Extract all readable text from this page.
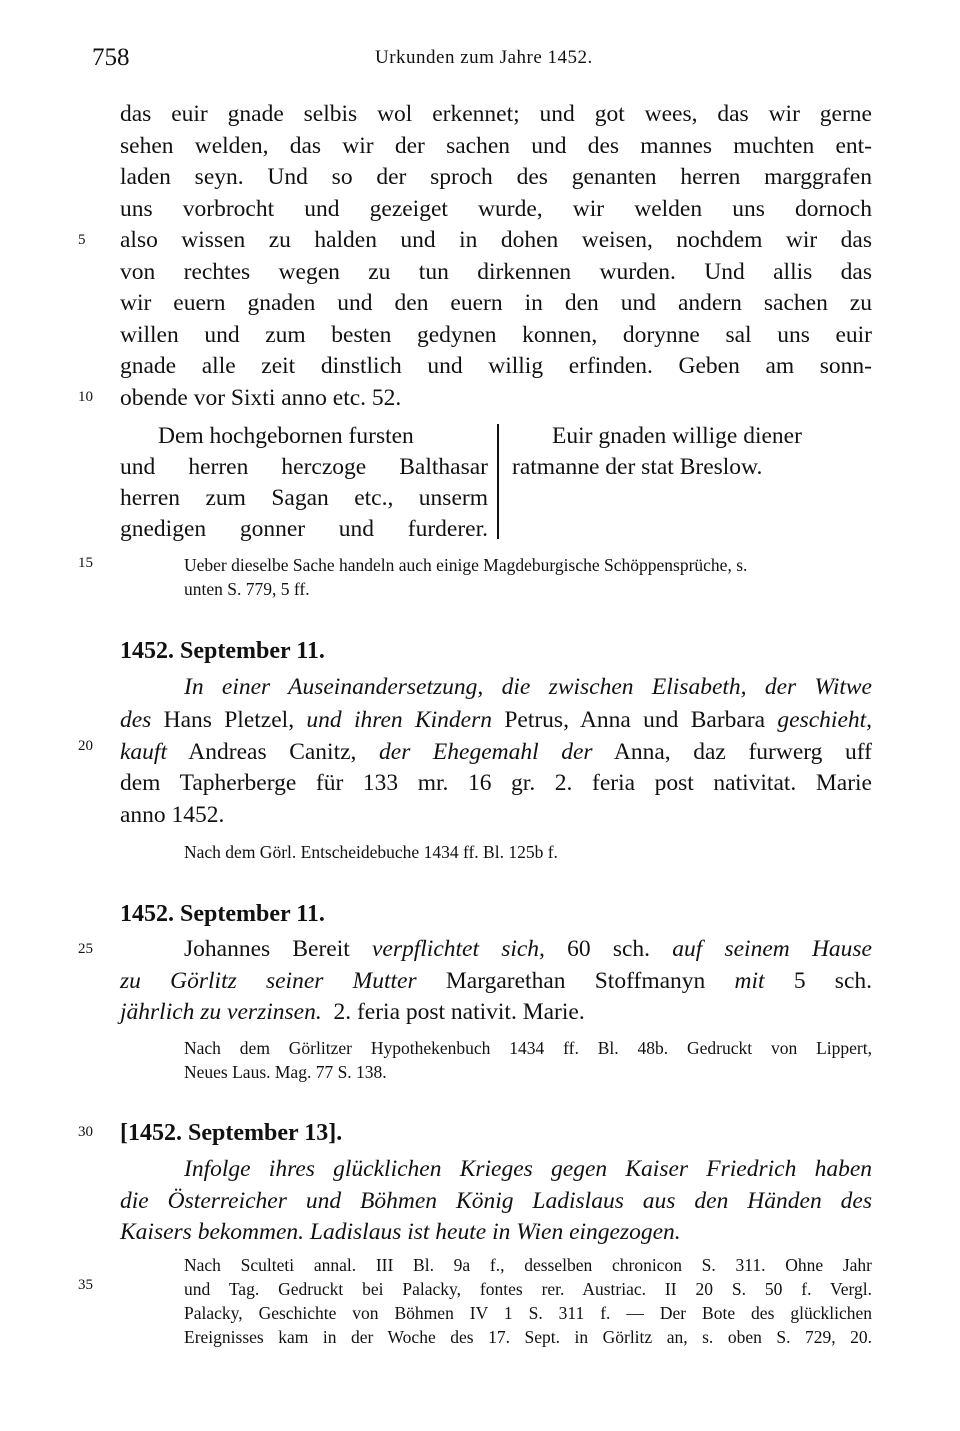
758	Urkunden zum Jahre 1452.
5
10
15
20
25
30
35
das euir gnade selbis wol erkennet; und got wees, das wir gerne
sehen welden, das wir der sachen und des mannes muchten ent-
laden seyn. Und so der sproch des genanten herren marggrafen
uns vorbrocht und gezeiget wurde, wir welden uns dornoch
also wissen zu halden und in dohen weisen, nochdem wir das
von rechtes wegen zu tun dirkennen wurden. Und allis das
wir euern gnaden und den euern in den und andern sachen zu
willen und zum besten gedynen konnen, dorynne sal uns euir
gnade alle zeit dinstlich und willig erfinden. Geben am sonn-
obende vor Sixti anno etc. 52.
Dem hochgebornen fursten
und herren herczoge Balthasar
herren zum Sagan etc., unserm
gnedigen gonner und furderer.
Euir gnaden willige diener
ratmanne der stat Breslow.
Ueber dieselbe Sache handeln auch einige Magdeburgische Schöppensprüche, s.
unten S. 779, 5 ff.
1452. September 11.
In einer Auseinandersetzung, die zwischen Elisabeth, der Witwe
des Hans Pletzel, und ihren Kindern Petrus, Anna und Barbara geschieht,
kauft Andreas Canitz, der Ehegemahl der Anna, daz furwerg uff
dem Tapherberge für 133 mr. 16 gr. 2. feria post nativitat. Marie
anno 1452.
Nach dem Görl. Entscheidebuche 1434 ff. Bl. 125b f.
1452. September 11.
Johannes Bereit verpflichtet sich, 60 sch. auf seinem Hause
zu Görlitz seiner Mutter Margarethan Stoffmanyn mit 5 sch.
jährlich zu verzinsen. 2. feria post nativit. Marie.
Nach dem Görlitzer Hypothekenbuch 1434 ff. Bl. 48b. Gedruckt von Lippert,
Neues Laus. Mag. 77 S. 138.
[1452. September 13].
Infolge ihres glücklichen Krieges gegen Kaiser Friedrich haben
die Österreicher und Böhmen König Ladislaus aus den Händen des
Kaisers bekommen. Ladislaus ist heute in Wien eingezogen.
Nach Sculteti annal. III Bl. 9a f., desselben chronicon S. 311. Ohne Jahr
und Tag. Gedruckt bei Palacky, fontes rer. Austriac. II 20 S. 50 f. Vergl.
Palacky, Geschichte von Böhmen IV 1 S. 311 f. — Der Bote des glücklichen
Ereignisses kam in der Woche des 17. Sept. in Görlitz an, s. oben S. 729, 20.
